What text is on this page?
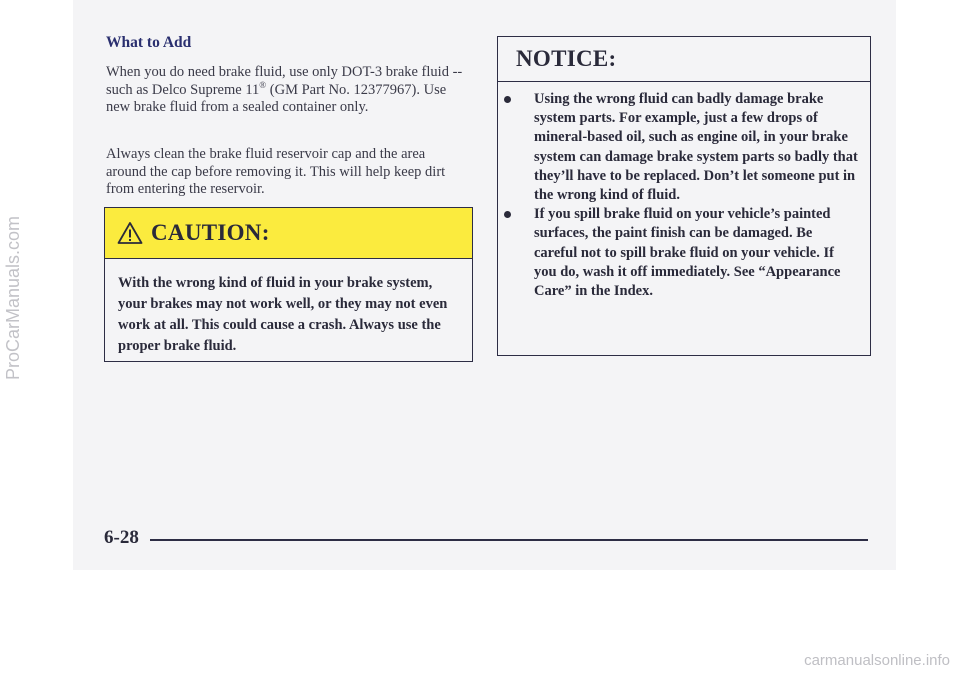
What to Add

When you do need brake fluid, use only DOT-3 brake fluid -- such as Delco Supreme 11® (GM Part No. 12377967). Use new brake fluid from a sealed container only.

Always clean the brake fluid reservoir cap and the area around the cap before removing it. This will help keep dirt from entering the reservoir.

CAUTION:
With the wrong kind of fluid in your brake system, your brakes may not work well, or they may not even work at all. This could cause a crash. Always use the proper brake fluid.
NOTICE:
Using the wrong fluid can badly damage brake system parts. For example, just a few drops of mineral-based oil, such as engine oil, in your brake system can damage brake system parts so badly that they’ll have to be replaced. Don’t let someone put in the wrong kind of fluid.
If you spill brake fluid on your vehicle’s painted surfaces, the paint finish can be damaged. Be careful not to spill brake fluid on your vehicle. If you do, wash it off immediately. See “Appearance Care” in the Index.
6-28
ProCarManuals.com
carmanualsonline.info
